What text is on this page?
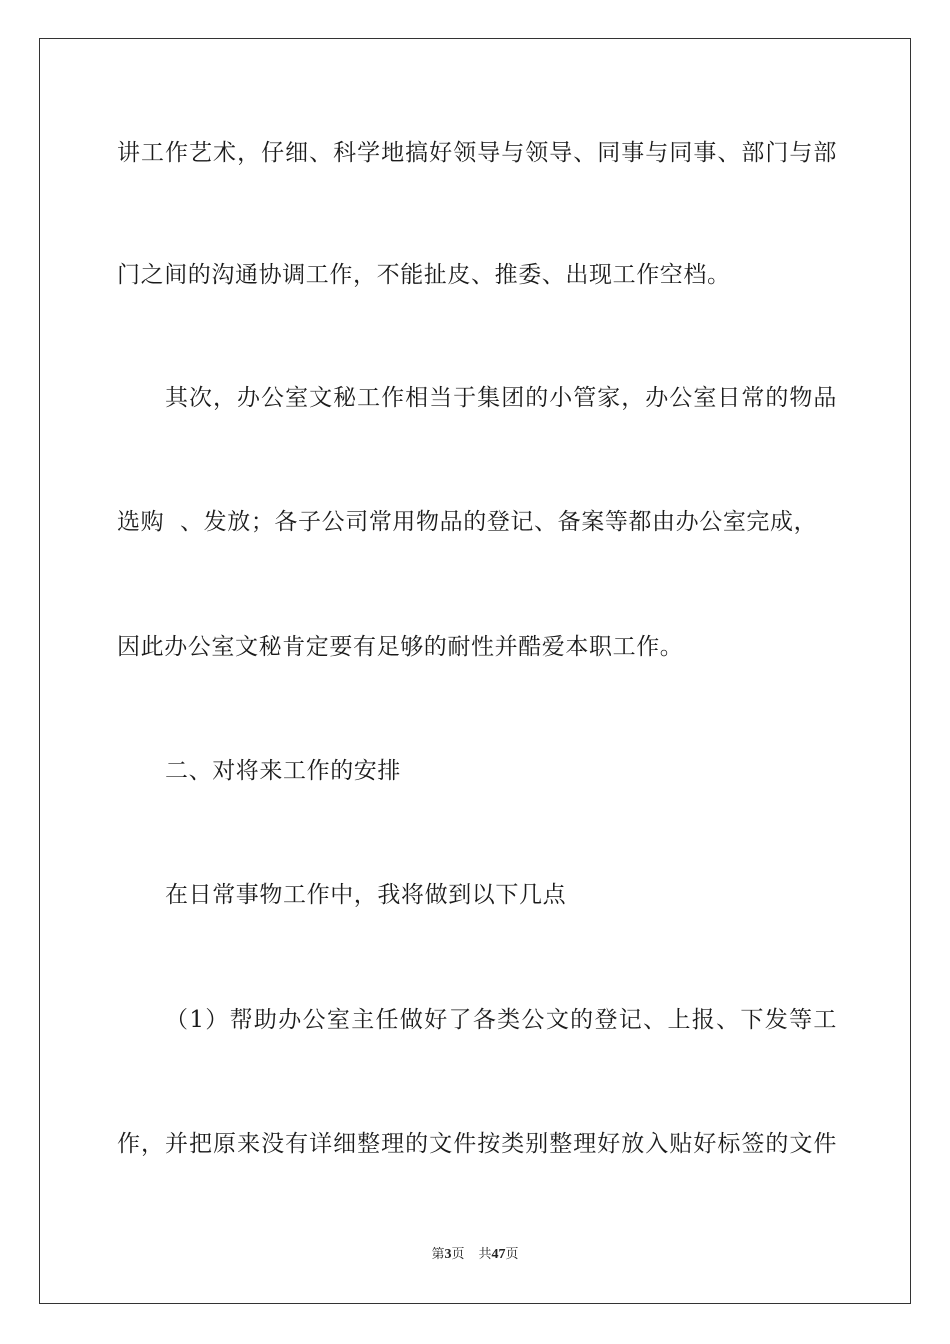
讲工作艺术，仔细、科学地搞好领导与领导、同事与同事、部门与部
门之间的沟通协调工作，不能扯皮、推委、出现工作空档。
其次，办公室文秘工作相当于集团的小管家，办公室日常的物品
选购  、发放；各子公司常用物品的登记、备案等都由办公室完成，
因此办公室文秘肯定要有足够的耐性并酷爱本职工作。
二、对将来工作的安排
在日常事物工作中，我将做到以下几点
（1）帮助办公室主任做好了各类公文的登记、上报、下发等工
作，并把原来没有详细整理的文件按类别整理好放入贴好标签的文件
第3页 共47页
